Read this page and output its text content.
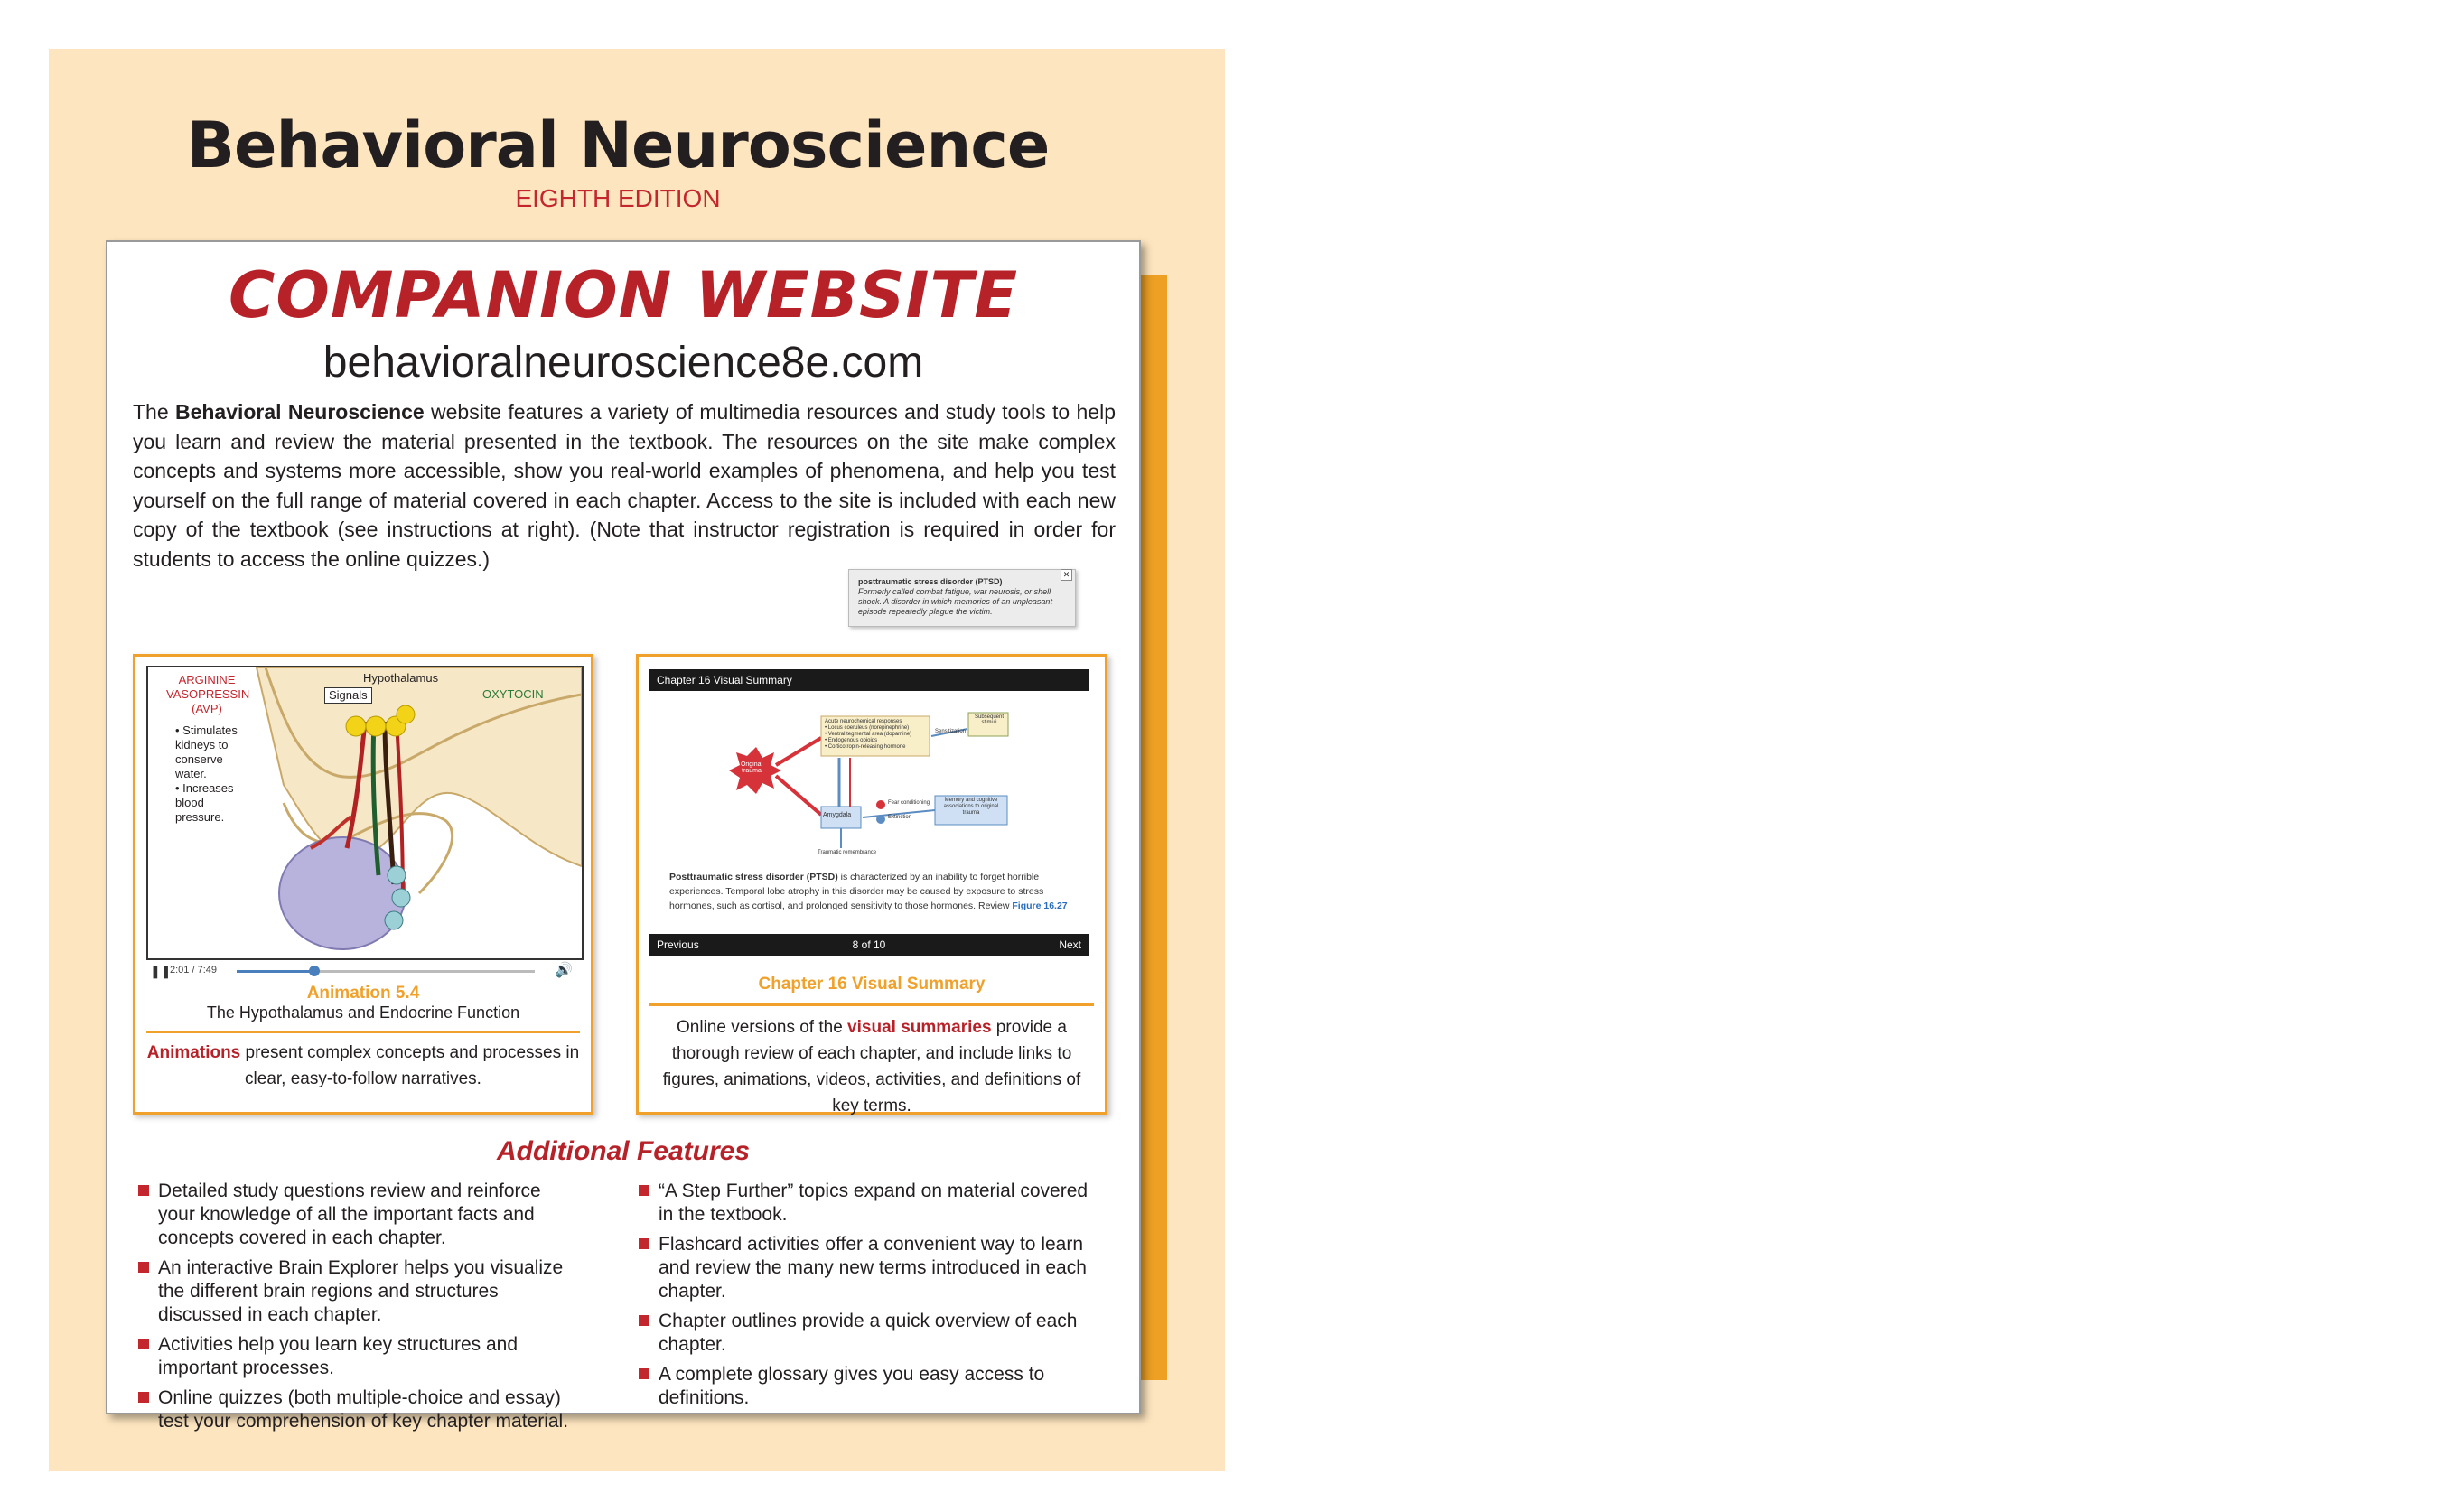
Behavioral Neuroscience
EIGHTH EDITION
COMPANION WEBSITE
behavioralneuroscience8e.com
The Behavioral Neuroscience website features a variety of multimedia resources and study tools to help you learn and review the material presented in the textbook. The resources on the site make complex concepts and systems more accessible, show you real-world examples of phenomena, and help you test yourself on the full range of material covered in each chapter. Access to the site is included with each new copy of the textbook (see instructions at right). (Note that instructor registration is required in order for students to access the online quizzes.)
ARGININE VASOPRESSIN (AVP)
Hypothalamus
Signals	OXYTOCIN
• Stimulates kidneys to conserve water.
• Increases blood pressure.
❚❚
2:01 / 7:49	🔊
Animation 5.4
The Hypothalamus and Endocrine Function
Animations present complex concepts and processes in clear, easy-to-follow narratives.
Chapter 16 Visual Summary
Original trauma
Acute neurochemical responses
• Locus coeruleus (norepinephrine)
• Ventral tegmental area (dopamine)
• Endogenous opioids
• Corticotropin-releasing hormone
Subsequent stimuli
Sensitization
Amygdala
Fear conditioning
Extinction
Memory and cognitive associations to original trauma
Traumatic remembrance
Posttraumatic stress disorder (PTSD) is characterized by an inability to forget horrible experiences. Temporal lobe atrophy in this disorder may be caused by exposure to stress hormones, such as cortisol, and prolonged sensitivity to those hormones. Review Figure 16.27
Previous	8 of 10	Next
Chapter 16 Visual Summary
Online versions of the visual summaries provide a thorough review of each chapter, and include links to figures, animations, videos, activities, and definitions of key terms.
✕
posttraumatic stress disorder (PTSD)
Formerly called combat fatigue, war neurosis, or shell shock. A disorder in which memories of an unpleasant episode repeatedly plague the victim.
Additional Features
Detailed study questions review and reinforce your knowledge of all the important facts and concepts covered in each chapter.
An interactive Brain Explorer helps you visualize the different brain regions and structures discussed in each chapter.
Activities help you learn key structures and important processes.
Online quizzes (both multiple-choice and essay) test your comprehension of key chapter material.
“A Step Further” topics expand on material covered in the textbook.
Flashcard activities offer a convenient way to learn and review the many new terms introduced in each chapter.
Chapter outlines provide a quick overview of each chapter.
A complete glossary gives you easy access to definitions.
